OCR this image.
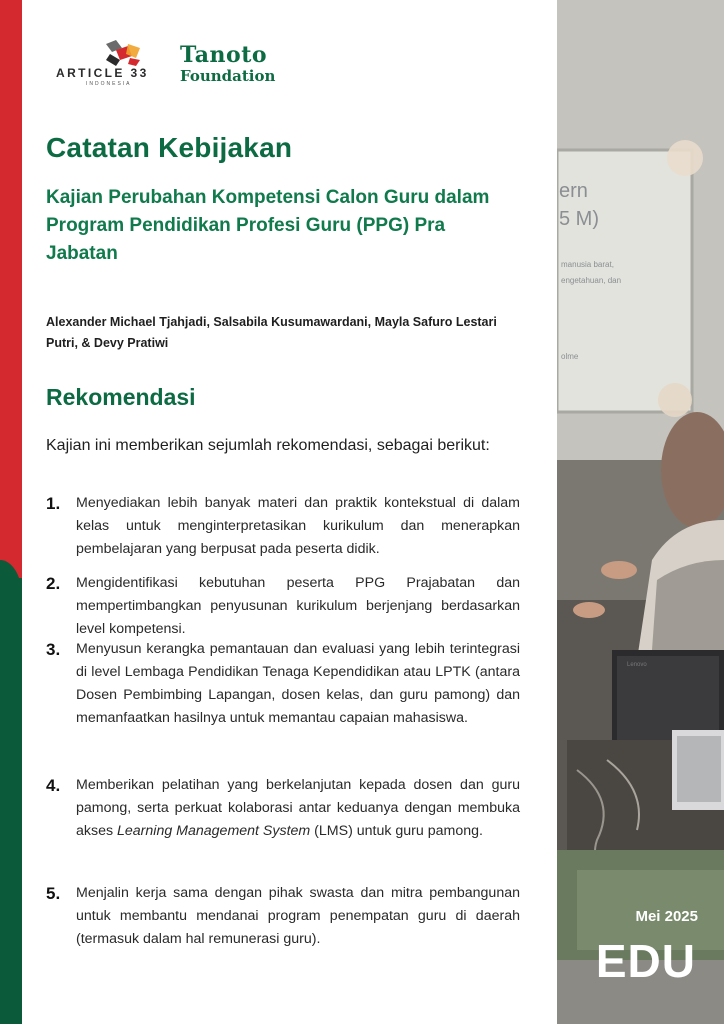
ern
5 M)
manusia barat,
engetahuan, dan
olme
Lenovo
ARTICLE 33
INDONESIA
Tanoto
Foundation
Catatan Kebijakan
Kajian Perubahan Kompetensi Calon Guru dalam Program Pendidikan Profesi Guru (PPG) Pra Jabatan
Alexander Michael Tjahjadi, Salsabila Kusumawardani, Mayla Safuro Lestari Putri, & Devy Pratiwi
Rekomendasi
Kajian ini memberikan sejumlah rekomendasi, sebagai berikut:
1. Menyediakan lebih banyak materi dan praktik kontekstual di dalam kelas untuk menginterpretasikan kurikulum dan menerapkan pembelajaran yang berpusat pada peserta didik.
2. Mengidentifikasi kebutuhan peserta PPG Prajabatan dan mempertimbangkan penyusunan kurikulum berjenjang berdasarkan level kompetensi.
3. Menyusun kerangka pemantauan dan evaluasi yang lebih terintegrasi di level Lembaga Pendidikan Tenaga Kependidikan atau LPTK (antara Dosen Pembimbing Lapangan, dosen kelas, dan guru pamong) dan memanfaatkan hasilnya untuk memantau capaian mahasiswa.
4. Memberikan pelatihan yang berkelanjutan kepada dosen dan guru pamong, serta perkuat kolaborasi antar keduanya dengan membuka akses Learning Management System (LMS) untuk guru pamong.
5. Menjalin kerja sama dengan pihak swasta dan mitra pembangunan untuk membantu mendanai program penempatan guru di daerah (termasuk dalam hal remunerasi guru).
Mei 2025
EDU
